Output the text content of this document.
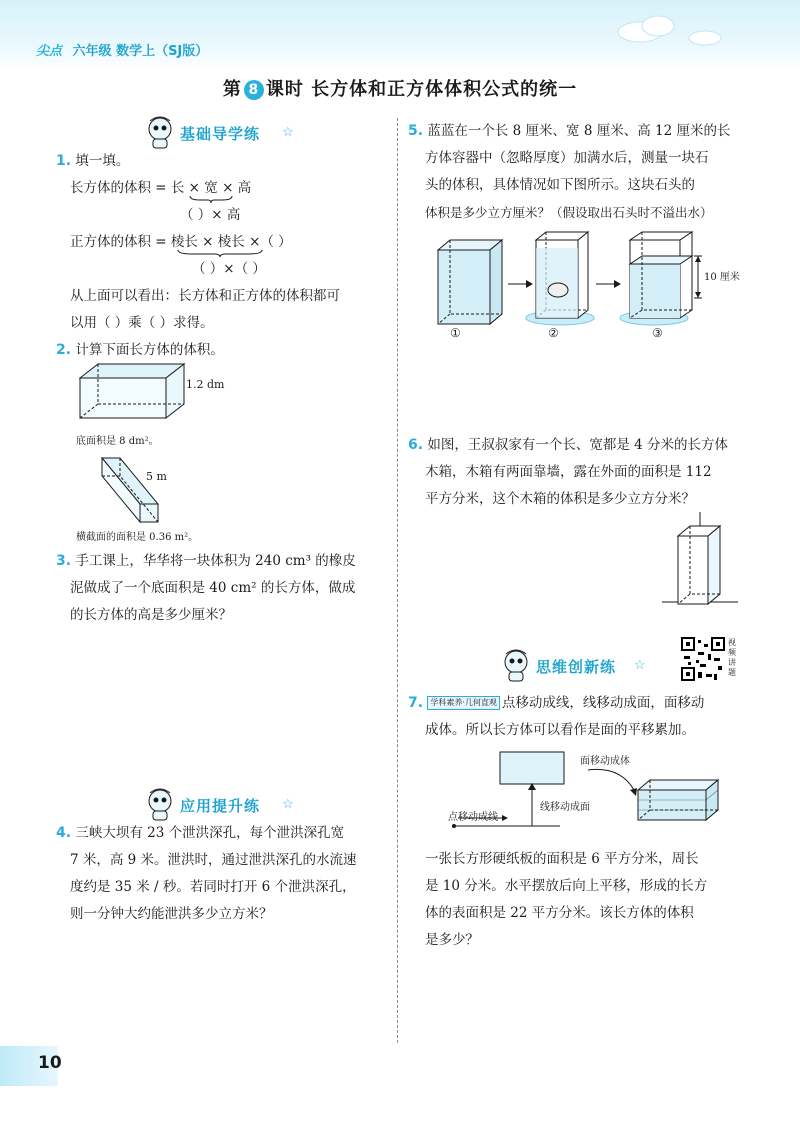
尖点 六年级 数学上（SJ版）
第 8 课时 长方体和正方体体积公式的统一
基础导学练 ☆
1. 填一填。
长方体的体积 = 长 × 宽 × 高
（ ）× 高
正方体的体积 = 棱长 × 棱长 ×（ ）
（ ）×（ ）
从上面可以看出：长方体和正方体的体积都可
以用（ ）乘（ ）求得。
2. 计算下面长方体的体积。
1.2 dm
底面积是 8 dm²。
5 m
横截面的面积是 0.36 m²。
3. 手工课上，华华将一块体积为 240 cm³ 的橡皮
泥做成了一个底面积是 40 cm² 的长方体，做成
的长方体的高是多少厘米？
应用提升练 ☆
4. 三峡大坝有 23 个泄洪深孔，每个泄洪深孔宽
7 米，高 9 米。泄洪时，通过泄洪深孔的水流速
度约是 35 米 / 秒。若同时打开 6 个泄洪深孔，
则一分钟大约能泄洪多少立方米？
5. 蓝蓝在一个长 8 厘米、宽 8 厘米、高 12 厘米的长
方体容器中（忽略厚度）加满水后，测量一块石
头的体积，具体情况如下图所示。这块石头的
体积是多少立方厘米？（假设取出石头时不溢出水）
10 厘米
①	②	③
6. 如图，王叔叔家有一个长、宽都是 4 分米的长方体
木箱，木箱有两面靠墙，露在外面的面积是 112
平方分米，这个木箱的体积是多少立方分米？
思维创新练 ☆
视频讲题
7. 学科素养·几何直观 点移动成线，线移动成面，面移动
成体。所以长方体可以看作是面的平移累加。
面移动成体
线移动成面
点移动成线
一张长方形硬纸板的面积是 6 平方分米，周长
是 10 分米。水平摆放后向上平移，形成的长方
体的表面积是 22 平方分米。该长方体的体积
是多少？
10
